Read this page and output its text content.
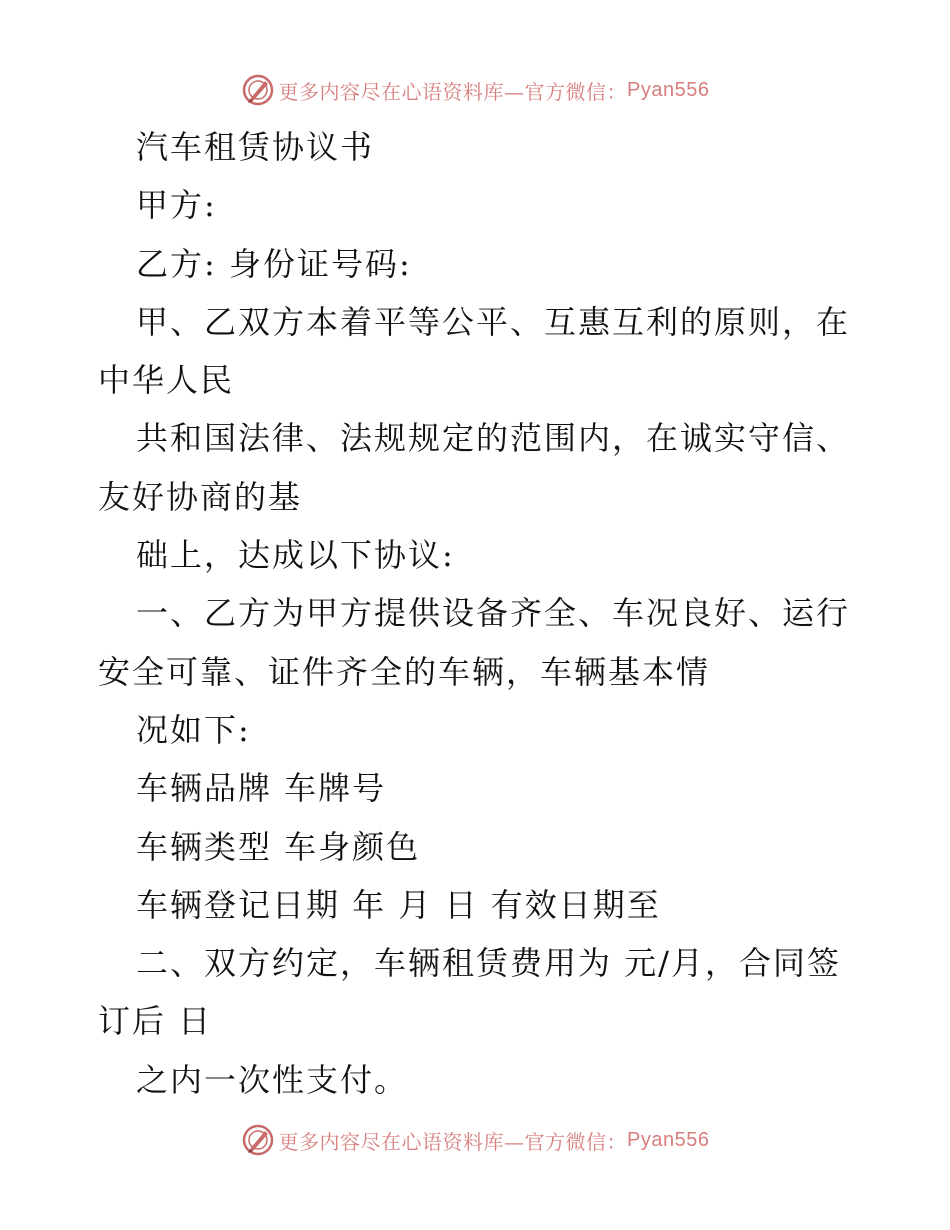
更多内容尽在心语资料库—官方微信： Pyan556
汽车租赁协议书
甲方:
乙方: 身份证号码:
甲、乙双方本着平等公平、互惠互利的原则，在
中华人民
共和国法律、法规规定的范围内，在诚实守信、
友好协商的基
础上，达成以下协议:
一、乙方为甲方提供设备齐全、车况良好、运行
安全可靠、证件齐全的车辆，车辆基本情
况如下:
车辆品牌 车牌号
车辆类型 车身颜色
车辆登记日期 年 月 日 有效日期至
二、双方约定，车辆租赁费用为 元/月，合同签
订后 日
之内一次性支付。
更多内容尽在心语资料库—官方微信： Pyan556
